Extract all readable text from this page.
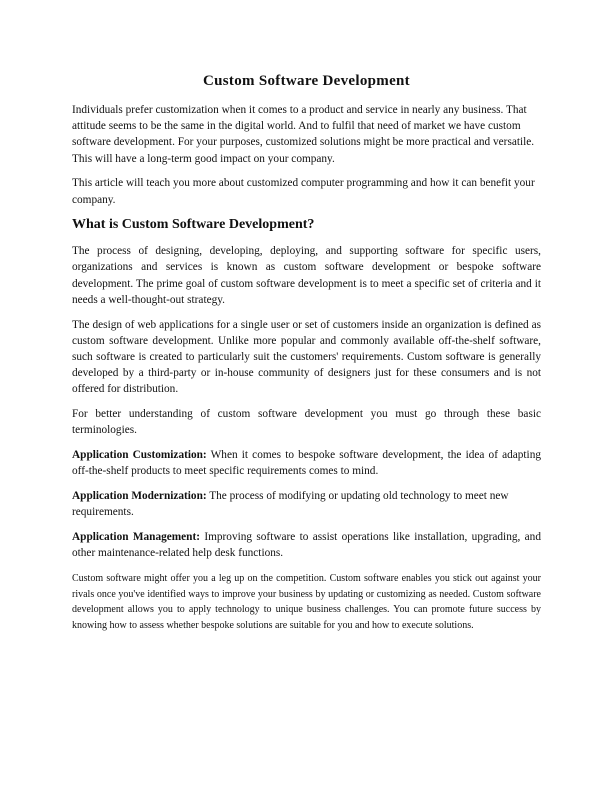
Custom Software Development

Individuals prefer customization when it comes to a product and service in nearly any business. That attitude seems to be the same in the digital world. And to fulfil that need of market we have custom software development. For your purposes, customized solutions might be more practical and versatile. This will have a long-term good impact on your company.

This article will teach you more about customized computer programming and how it can benefit your company.

What is Custom Software Development?

The process of designing, developing, deploying, and supporting software for specific users, organizations and services is known as custom software development or bespoke software development. The prime goal of custom software development is to meet a specific set of criteria and it needs a well-thought-out strategy.

The design of web applications for a single user or set of customers inside an organization is defined as custom software development. Unlike more popular and commonly available off-the-shelf software, such software is created to particularly suit the customers' requirements. Custom software is generally developed by a third-party or in-house community of designers just for these consumers and is not offered for distribution.

For better understanding of custom software development you must go through these basic terminologies.

Application Customization: When it comes to bespoke software development, the idea of adapting off-the-shelf products to meet specific requirements comes to mind.

Application Modernization: The process of modifying or updating old technology to meet new requirements.

Application Management: Improving software to assist operations like installation, upgrading, and other maintenance-related help desk functions.

Custom software might offer you a leg up on the competition. Custom software enables you stick out against your rivals once you've identified ways to improve your business by updating or customizing as needed. Custom software development allows you to apply technology to unique business challenges. You can promote future success by knowing how to assess whether bespoke solutions are suitable for you and how to execute solutions.
